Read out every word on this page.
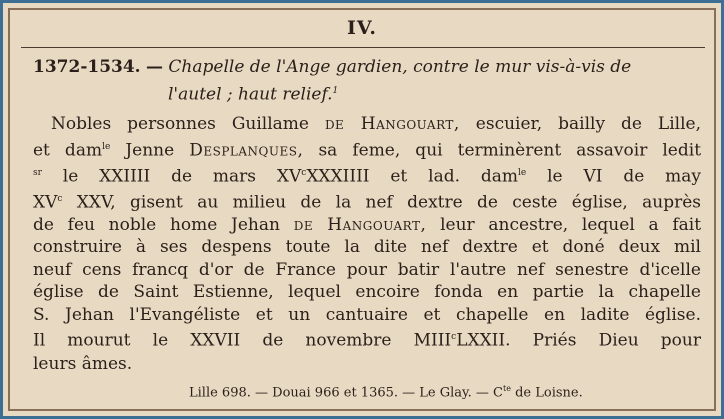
IV.
1372-1534. — Chapelle de l'Ange gardien, contre le mur vis-à-vis de
l'autel ; haut relief.$^1$
Nobles personnes Guillame de Hangouart, escuier, bailly de Lille,
et dam$^{le}$ Jenne Desplanques, sa feme, qui terminèrent assavoir ledit
$^{sr}$ le XXIIII de mars $XV^cXXXIIII$ et lad. dam$^{le}$ le VI de may
$XV^c$ XXV, gisent au milieu de la nef dextre de ceste église, auprès
de feu noble home Jehan de Hangouart, leur ancestre, lequel a fait
construire à ses despens toute la dite nef dextre et doné deux mil
neuf cens francq d'or de France pour batir l'autre nef senestre d'icelle
église de Saint Estienne, lequel encoire fonda en partie la chapelle
S. Jehan l'Evangéliste et un cantuaire et chapelle en ladite église.
Il mourut le XXVII de novembre MIII$^c$LXXII. Priés Dieu pour
leurs âmes.
Lille 698. — Douai 966 et 1365. — Le Glay. — $C^{te}$ de Loisne.
